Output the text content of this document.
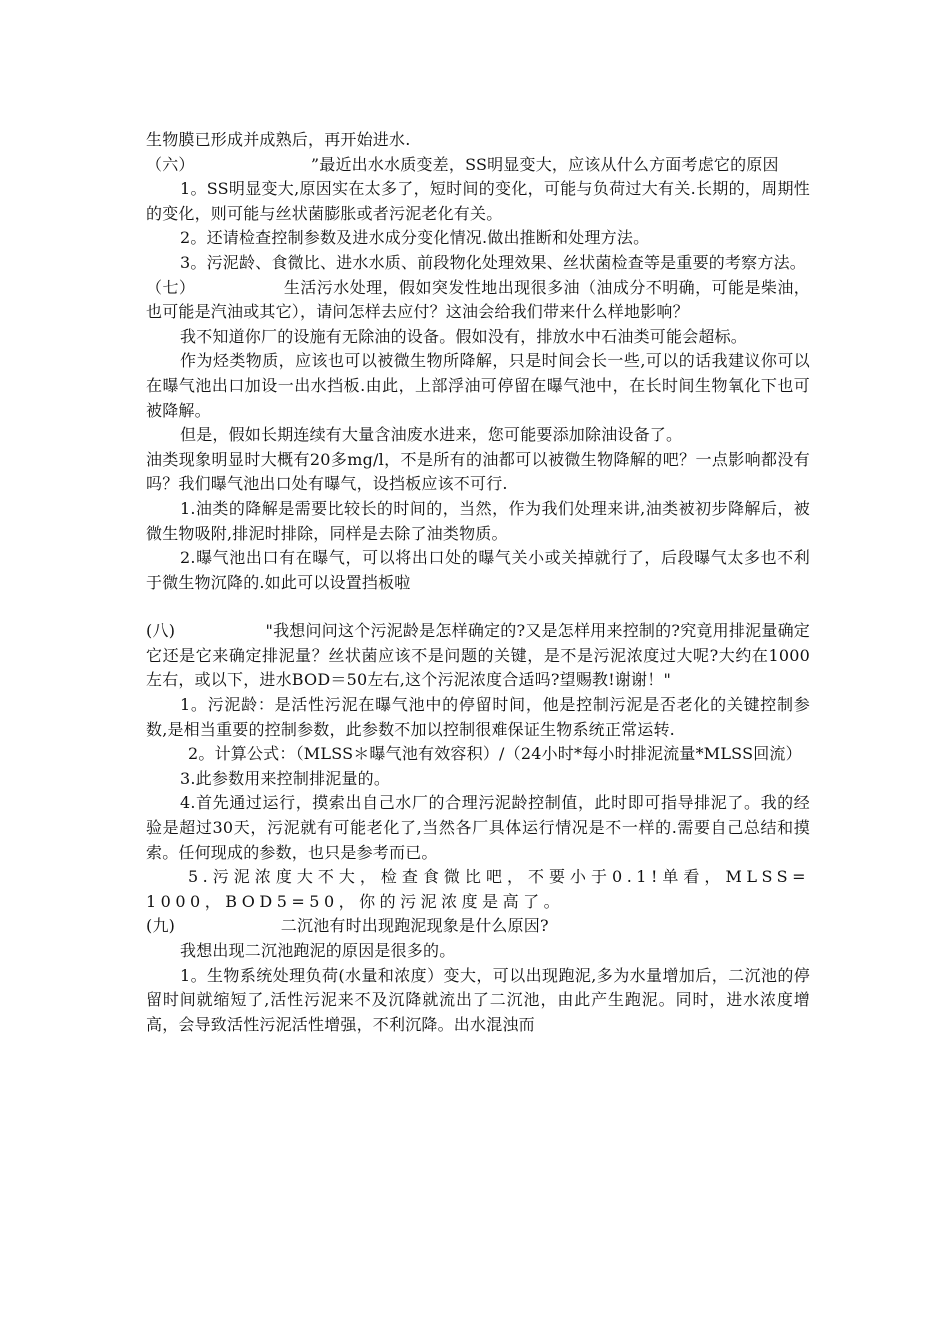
生物膜已形成并成熟后，再开始进水.

（六）                      ”最近出水水质变差，SS明显变大，应该从什么方面考虑它的原因

1。SS明显变大,原因实在太多了，短时间的变化，可能与负荷过大有关.长期的，周期性的变化，则可能与丝状菌膨胀或者污泥老化有关。

2。还请检查控制参数及进水成分变化情况.做出推断和处理方法。

3。污泥龄、食微比、进水水质、前段物化处理效果、丝状菌检查等是重要的考察方法。

（七）                生活污水处理，假如突发性地出现很多油（油成分不明确，可能是柴油，也可能是汽油或其它），请问怎样去应付？这油会给我们带来什么样地影响？

我不知道你厂的设施有无除油的设备。假如没有，排放水中石油类可能会超标。

作为烃类物质，应该也可以被微生物所降解，只是时间会长一些,可以的话我建议你可以在曝气池出口加设一出水挡板.由此，上部浮油可停留在曝气池中，在长时间生物氧化下也可被降解。

但是，假如长期连续有大量含油废水进来，您可能要添加除油设备了。

油类现象明显时大概有20多mg/l，不是所有的油都可以被微生物降解的吧？一点影响都没有吗？我们曝气池出口处有曝气，设挡板应该不可行.

1.油类的降解是需要比较长的时间的，当然，作为我们处理来讲,油类被初步降解后，被微生物吸附,排泥时排除，同样是去除了油类物质。

2.曝气池出口有在曝气，可以将出口处的曝气关小或关掉就行了，后段曝气太多也不利于微生物沉降的.如此可以设置挡板啦

(八)                 "我想问问这个污泥龄是怎样确定的?又是怎样用来控制的?究竟用排泥量确定它还是它来确定排泥量？丝状菌应该不是问题的关键，是不是污泥浓度过大呢?大约在1000左右，或以下，进水BOD＝50左右,这个污泥浓度合适吗?望赐教!谢谢！"

1。污泥龄：是活性污泥在曝气池中的停留时间，他是控制污泥是否老化的关键控制参数,是相当重要的控制参数，此参数不加以控制很难保证生物系统正常运转.

2。计算公式：（MLSS＊曝气池有效容积）/（24小时*每小时排泥流量*MLSS回流）

3.此参数用来控制排泥量的。

4.首先通过运行，摸索出自己水厂的合理污泥龄控制值，此时即可指导排泥了。我的经验是超过30天，污泥就有可能老化了,当然各厂具体运行情况是不一样的.需要自己总结和摸索。任何现成的参数，也只是参考而已。

5.污泥浓度大不大，检查食微比吧，不要小于0.1!单看，MLSS=1000，BOD5=50，你的污泥浓度是高了。

(九)                    二沉池有时出现跑泥现象是什么原因?

我想出现二沉池跑泥的原因是很多的。

1。生物系统处理负荷(水量和浓度）变大，可以出现跑泥,多为水量增加后，二沉池的停留时间就缩短了,活性污泥来不及沉降就流出了二沉池，由此产生跑泥。同时，进水浓度增高，会导致活性污泥活性增强，不利沉降。出水混浊而
